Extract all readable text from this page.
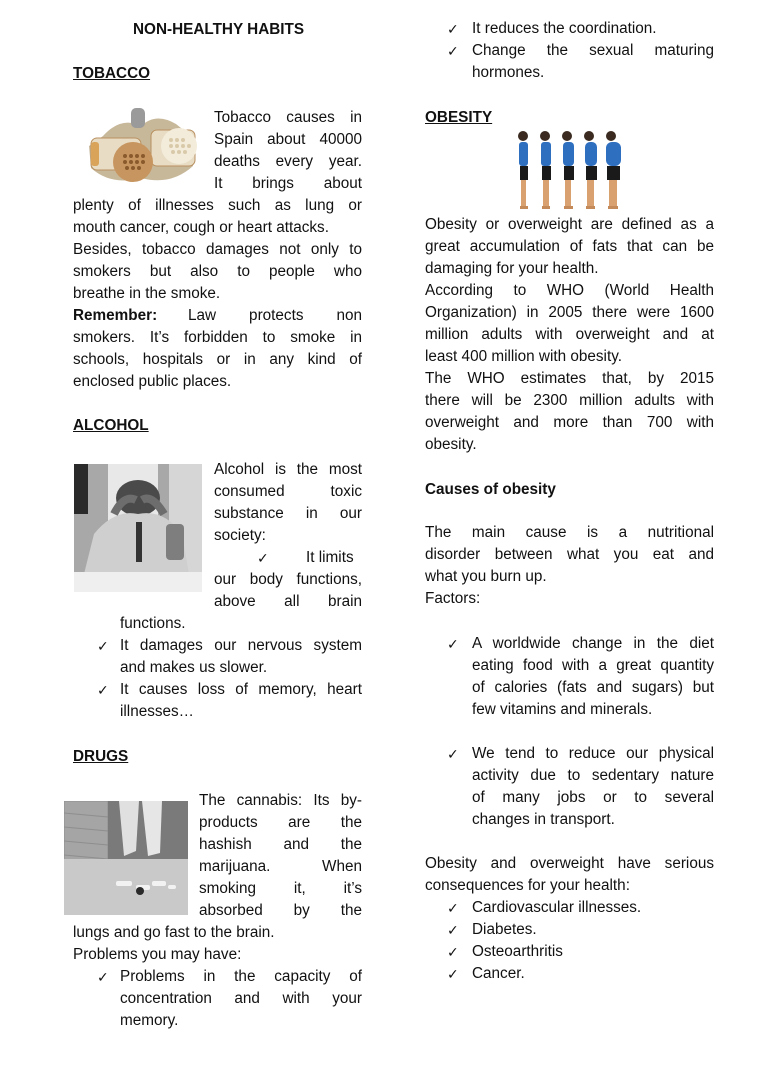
NON-HEALTHY HABITS
TOBACCO
Tobacco causes in
Spain about 40000
deaths every year.
It brings about
plenty of illnesses such as lung or
mouth cancer, cough or heart attacks.
Besides, tobacco damages not only to
smokers but also to people who
breathe in the smoke.
Remember: Law protects non
smokers. It’s forbidden to smoke in
schools, hospitals or in any kind of
enclosed public places.
ALCOHOL
Alcohol is the most
consumed toxic
substance in our
society:
✓ It limits
our body functions,
above all brain
functions.
✓ It damages our nervous system
and makes us slower.
✓ It causes loss of memory, heart
illnesses…
DRUGS
The cannabis: Its by-
products are the
hashish and the
marijuana. When
smoking it, it’s
absorbed by the
lungs and go fast to the brain.
Problems you may have:
✓ Problems in the capacity of
concentration and with your
memory.
✓ It reduces the coordination.
✓ Change the sexual maturing
hormones.
OBESITY
Obesity or overweight are defined as a
great accumulation of fats that can be
damaging for your health.
According to WHO (World Health
Organization) in 2005 there were 1600
million adults with overweight and at
least 400 million with obesity.
The WHO estimates that, by 2015
there will be 2300 million adults with
overweight and more than 700 with
obesity.
Causes of obesity
The main cause is a nutritional
disorder between what you eat and
what you burn up.
Factors:
✓ A worldwide change in the diet
eating food with a great quantity
of calories (fats and sugars) but
few vitamins and minerals.
✓ We tend to reduce our physical
activity due to sedentary nature
of many jobs or to several
changes in transport.
Obesity and overweight have serious
consequences for your health:
✓ Cardiovascular illnesses.
✓ Diabetes.
✓ Osteoarthritis
✓ Cancer.
